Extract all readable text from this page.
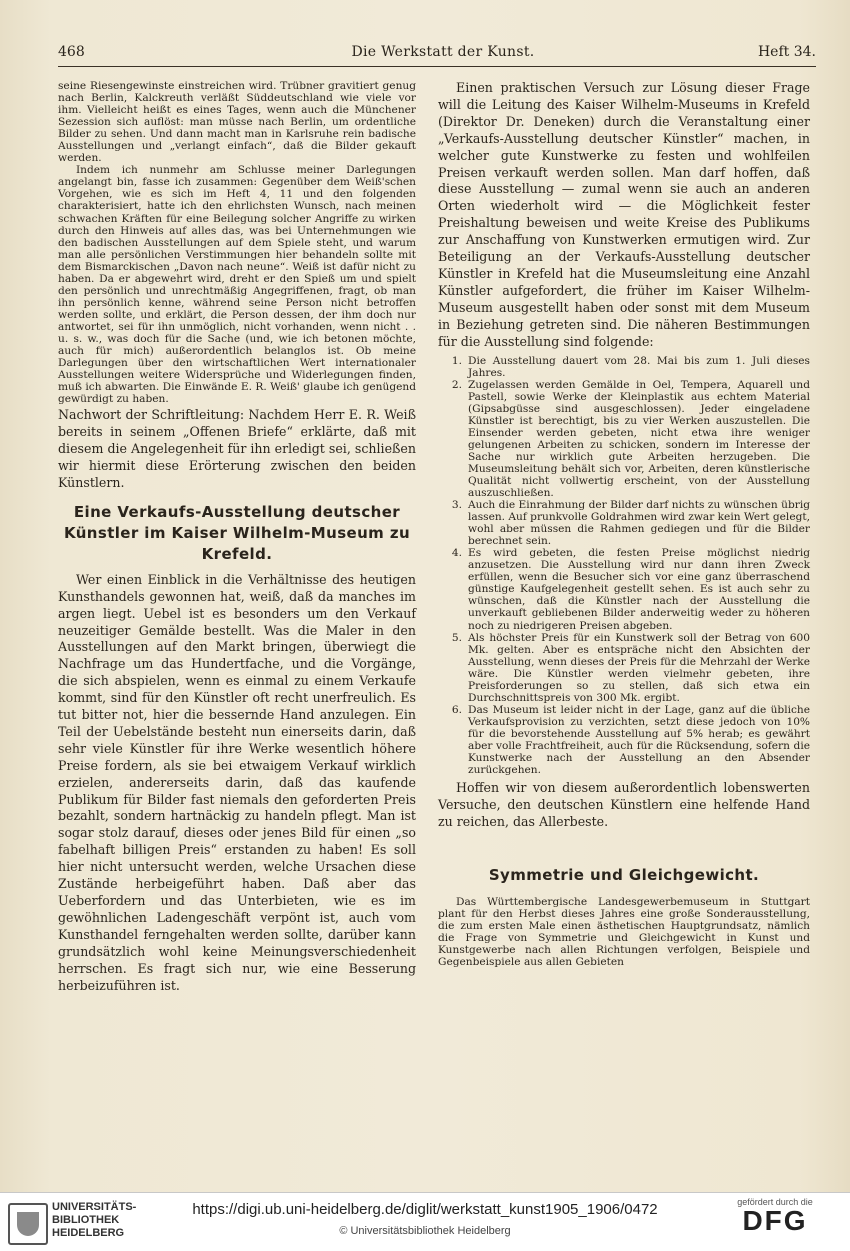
468	Die Werkstatt der Kunst.	Heft 34.

seine Riesengewinste einstreichen wird. Trübner gravitiert genug nach Berlin, Kalckreuth verläßt Süddeutschland wie viele vor ihm. Vielleicht heißt es eines Tages, wenn auch die Münchener Sezession sich auflöst: man müsse nach Berlin, um ordentliche Bilder zu sehen. Und dann macht man in Karlsruhe rein badische Ausstellungen und „verlangt einfach“, daß die Bilder gekauft werden.

Indem ich nunmehr am Schlusse meiner Darlegungen angelangt bin, fasse ich zusammen: Gegenüber dem Weiß'schen Vorgehen, wie es sich im Heft 4, 11 und den folgenden charakterisiert, hatte ich den ehrlichsten Wunsch, nach meinen schwachen Kräften für eine Beilegung solcher Angriffe zu wirken durch den Hinweis auf alles das, was bei Unternehmungen wie den badischen Ausstellungen auf dem Spiele steht, und warum man alle persönlichen Verstimmungen hier behandeln sollte mit dem Bismarckischen „Davon nach neune“. Weiß ist dafür nicht zu haben. Da er abgewehrt wird, dreht er den Spieß um und spielt den persönlich und unrechtmäßig Angegriffenen, fragt, ob man ihn persönlich kenne, während seine Person nicht betroffen werden sollte, und erklärt, die Person dessen, der ihm doch nur antwortet, sei für ihn unmöglich, nicht vorhanden, wenn nicht . . u. s. w., was doch für die Sache (und, wie ich betonen möchte, auch für mich) außerordentlich belanglos ist. Ob meine Darlegungen über den wirtschaftlichen Wert internationaler Ausstellungen weitere Widersprüche und Widerlegungen finden, muß ich abwarten. Die Einwände E. R. Weiß' glaube ich genügend gewürdigt zu haben.

Nachwort der Schriftleitung: Nachdem Herr E. R. Weiß bereits in seinem „Offenen Briefe“ erklärte, daß mit diesem die Angelegenheit für ihn erledigt sei, schließen wir hiermit diese Erörterung zwischen den beiden Künstlern.

Eine Verkaufs-Ausstellung deutscher Künstler im Kaiser Wilhelm-Museum zu Krefeld.

Wer einen Einblick in die Verhältnisse des heutigen Kunsthandels gewonnen hat, weiß, daß da manches im argen liegt. Uebel ist es besonders um den Verkauf neuzeitiger Gemälde bestellt. Was die Maler in den Ausstellungen auf den Markt bringen, überwiegt die Nachfrage um das Hundertfache, und die Vorgänge, die sich abspielen, wenn es einmal zu einem Verkaufe kommt, sind für den Künstler oft recht unerfreulich. Es tut bitter not, hier die bessernde Hand anzulegen. Ein Teil der Uebelstände besteht nun einerseits darin, daß sehr viele Künstler für ihre Werke wesentlich höhere Preise fordern, als sie bei etwaigem Verkauf wirklich erzielen, andererseits darin, daß das kaufende Publikum für Bilder fast niemals den geforderten Preis bezahlt, sondern hartnäckig zu handeln pflegt. Man ist sogar stolz darauf, dieses oder jenes Bild für einen „so fabelhaft billigen Preis“ erstanden zu haben! Es soll hier nicht untersucht werden, welche Ursachen diese Zustände herbeigeführt haben. Daß aber das Ueberfordern und das Unterbieten, wie es im gewöhnlichen Ladengeschäft verpönt ist, auch vom Kunsthandel ferngehalten werden sollte, darüber kann grundsätzlich wohl keine Meinungsverschiedenheit herrschen. Es fragt sich nur, wie eine Besserung herbeizuführen ist.

Einen praktischen Versuch zur Lösung dieser Frage will die Leitung des Kaiser Wilhelm-Museums in Krefeld (Direktor Dr. Deneken) durch die Veranstaltung einer „Verkaufs-Ausstellung deutscher Künstler“ machen, in welcher gute Kunstwerke zu festen und wohlfeilen Preisen verkauft werden sollen. Man darf hoffen, daß diese Ausstellung — zumal wenn sie auch an anderen Orten wiederholt wird — die Möglichkeit fester Preishaltung beweisen und weite Kreise des Publikums zur Anschaffung von Kunstwerken ermutigen wird. Zur Beteiligung an der Verkaufs-Ausstellung deutscher Künstler in Krefeld hat die Museumsleitung eine Anzahl Künstler aufgefordert, die früher im Kaiser Wilhelm-Museum ausgestellt haben oder sonst mit dem Museum in Beziehung getreten sind. Die näheren Bestimmungen für die Ausstellung sind folgende:

1. Die Ausstellung dauert vom 28. Mai bis zum 1. Juli dieses Jahres.
2. Zugelassen werden Gemälde in Oel, Tempera, Aquarell und Pastell, sowie Werke der Kleinplastik aus echtem Material (Gipsabgüsse sind ausgeschlossen). Jeder eingeladene Künstler ist berechtigt, bis zu vier Werken auszustellen. Die Einsender werden gebeten, nicht etwa ihre weniger gelungenen Arbeiten zu schicken, sondern im Interesse der Sache nur wirklich gute Arbeiten herzugeben. Die Museumsleitung behält sich vor, Arbeiten, deren künstlerische Qualität nicht vollwertig erscheint, von der Ausstellung auszuschließen.
3. Auch die Einrahmung der Bilder darf nichts zu wünschen übrig lassen. Auf prunkvolle Goldrahmen wird zwar kein Wert gelegt, wohl aber müssen die Rahmen gediegen und für die Bilder berechnet sein.
4. Es wird gebeten, die festen Preise möglichst niedrig anzusetzen. Die Ausstellung wird nur dann ihren Zweck erfüllen, wenn die Besucher sich vor eine ganz überraschend günstige Kaufgelegenheit gestellt sehen. Es ist auch sehr zu wünschen, daß die Künstler nach der Ausstellung die unverkauft gebliebenen Bilder anderweitig weder zu höheren noch zu niedrigeren Preisen abgeben.
5. Als höchster Preis für ein Kunstwerk soll der Betrag von 600 Mk. gelten. Aber es entspräche nicht den Absichten der Ausstellung, wenn dieses der Preis für die Mehrzahl der Werke wäre. Die Künstler werden vielmehr gebeten, ihre Preisforderungen so zu stellen, daß sich etwa ein Durchschnittspreis von 300 Mk. ergibt.
6. Das Museum ist leider nicht in der Lage, ganz auf die übliche Verkaufsprovision zu verzichten, setzt diese jedoch von 10% für die bevorstehende Ausstellung auf 5% herab; es gewährt aber volle Frachtfreiheit, auch für die Rücksendung, sofern die Kunstwerke nach der Ausstellung an den Absender zurückgehen.

Hoffen wir von diesem außerordentlich lobenswerten Versuche, den deutschen Künstlern eine helfende Hand zu reichen, das Allerbeste.

Symmetrie und Gleichgewicht.

Das Württembergische Landesgewerbemuseum in Stuttgart plant für den Herbst dieses Jahres eine große Sonderausstellung, die zum ersten Male einen ästhetischen Hauptgrundsatz, nämlich die Frage von Symmetrie und Gleichgewicht in Kunst und Kunstgewerbe nach allen Richtungen verfolgen, Beispiele und Gegenbeispiele aus allen Gebieten

UNIVERSITÄTS-
BIBLIOTHEK
HEIDELBERG
https://digi.ub.uni-heidelberg.de/diglit/werkstatt_kunst1905_1906/0472
© Universitätsbibliothek Heidelberg
gefördert durch die
DFG
